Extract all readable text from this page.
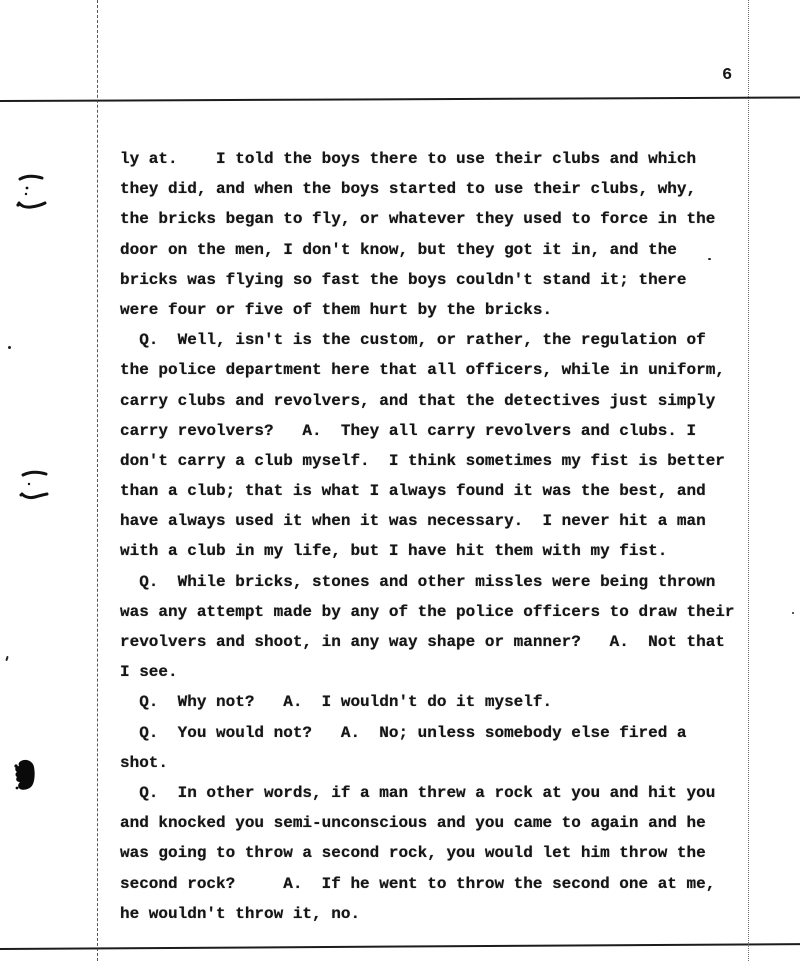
6
ly at.    I told the boys there to use their clubs and which
they did, and when the boys started to use their clubs, why,
the bricks began to fly, or whatever they used to force in the
door on the men, I don't know, but they got it in, and the
bricks was flying so fast the boys couldn't stand it; there
were four or five of them hurt by the bricks.
Q.  Well, isn't is the custom, or rather, the regulation of
the police department here that all officers, while in uniform,
carry clubs and revolvers, and that the detectives just simply
carry revolvers?   A.  They all carry revolvers and clubs. I
don't carry a club myself.  I think sometimes my fist is better
than a club; that is what I always found it was the best, and
have always used it when it was necessary.  I never hit a man
with a club in my life, but I have hit them with my fist.
Q.  While bricks, stones and other missles were being thrown
was any attempt made by any of the police officers to draw their
revolvers and shoot, in any way shape or manner?   A.  Not that
I see.
Q.  Why not?   A.  I wouldn't do it myself.
Q.  You would not?   A.  No; unless somebody else fired a
shot.
Q.  In other words, if a man threw a rock at you and hit you
and knocked you semi-unconscious and you came to again and he
was going to throw a second rock, you would let him throw the
second rock?     A.  If he went to throw the second one at me,
he wouldn't throw it, no.
